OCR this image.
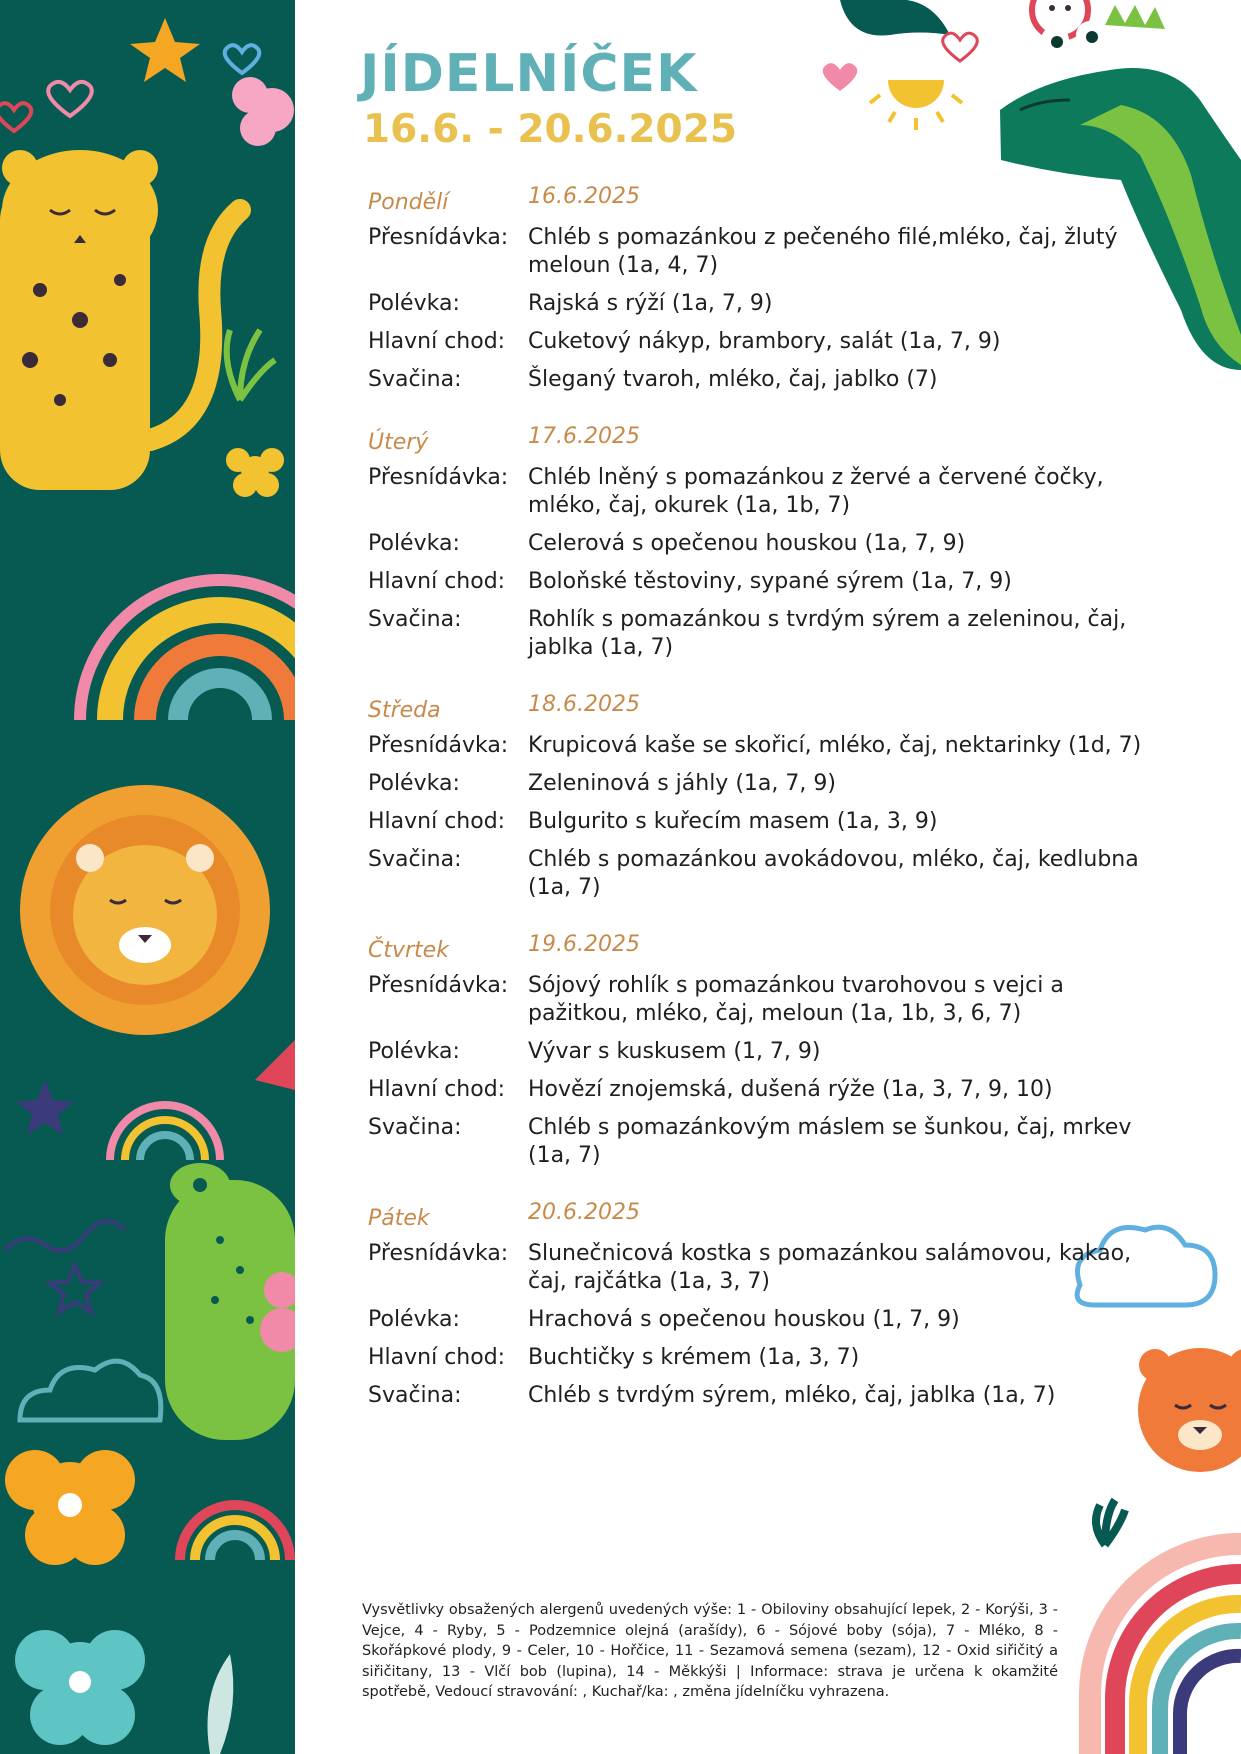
JÍDELNÍČEK
16.6. - 20.6.2025
Pondělí	16.6.2025
Přesnídávka: Chléb s pomazánkou z pečeného filé,mléko, čaj, žlutý meloun (1a, 4, 7)
Polévka:	Rajská s rýží (1a, 7, 9)
Hlavní chod:	Cuketový nákyp, brambory, salát (1a, 7, 9)
Svačina:	Šleganý tvaroh, mléko, čaj, jablko (7)
Úterý	17.6.2025
Přesnídávka: Chléb lněný s pomazánkou z žervé a červené čočky, mléko, čaj, okurek (1a, 1b, 7)
Polévka:	Celerová s opečenou houskou (1a, 7, 9)
Hlavní chod:	Boloňské těstoviny, sypané sýrem (1a, 7, 9)
Svačina:	Rohlík s pomazánkou s tvrdým sýrem a zeleninou, čaj, jablka (1a, 7)
Středa	18.6.2025
Přesnídávka: Krupicová kaše se skořicí, mléko, čaj, nektarinky (1d, 7)
Polévka:	Zeleninová s jáhly (1a, 7, 9)
Hlavní chod:	Bulgurito s kuřecím masem (1a, 3, 9)
Svačina:	Chléb s pomazánkou avokádovou, mléko, čaj, kedlubna (1a, 7)
Čtvrtek	19.6.2025
Přesnídávka: Sójový rohlík s pomazánkou tvarohovou s vejci a pažitkou, mléko, čaj, meloun (1a, 1b, 3, 6, 7)
Polévka:	Vývar s kuskusem (1, 7, 9)
Hlavní chod:	Hovězí znojemská, dušená rýže (1a, 3, 7, 9, 10)
Svačina:	Chléb s pomazánkovým máslem se šunkou, čaj, mrkev (1a, 7)
Pátek	20.6.2025
Přesnídávka: Slunečnicová kostka s pomazánkou salámovou, kakao, čaj, rajčátka (1a, 3, 7)
Polévka:	Hrachová s opečenou houskou (1, 7, 9)
Hlavní chod:	Buchtičky s krémem (1a, 3, 7)
Svačina:	Chléb s tvrdým sýrem, mléko, čaj, jablka (1a, 7)

Vysvětlivky obsažených alergenů uvedených výše: 1 - Obiloviny obsahující lepek, 2 - Korýši, 3 - Vejce, 4 - Ryby, 5 - Podzemnice olejná (arašídy), 6 - Sójové boby (sója), 7 - Mléko, 8 - Skořápkové plody, 9 - Celer, 10 - Hořčice, 11 - Sezamová semena (sezam), 12 - Oxid siřičitý a siřičitany, 13 - Vlčí bob (lupina), 14 - Měkkýši | Informace: strava je určena k okamžité spotřebě, Vedoucí stravování: , Kuchař/ka: , změna jídelníčku vyhrazena.
